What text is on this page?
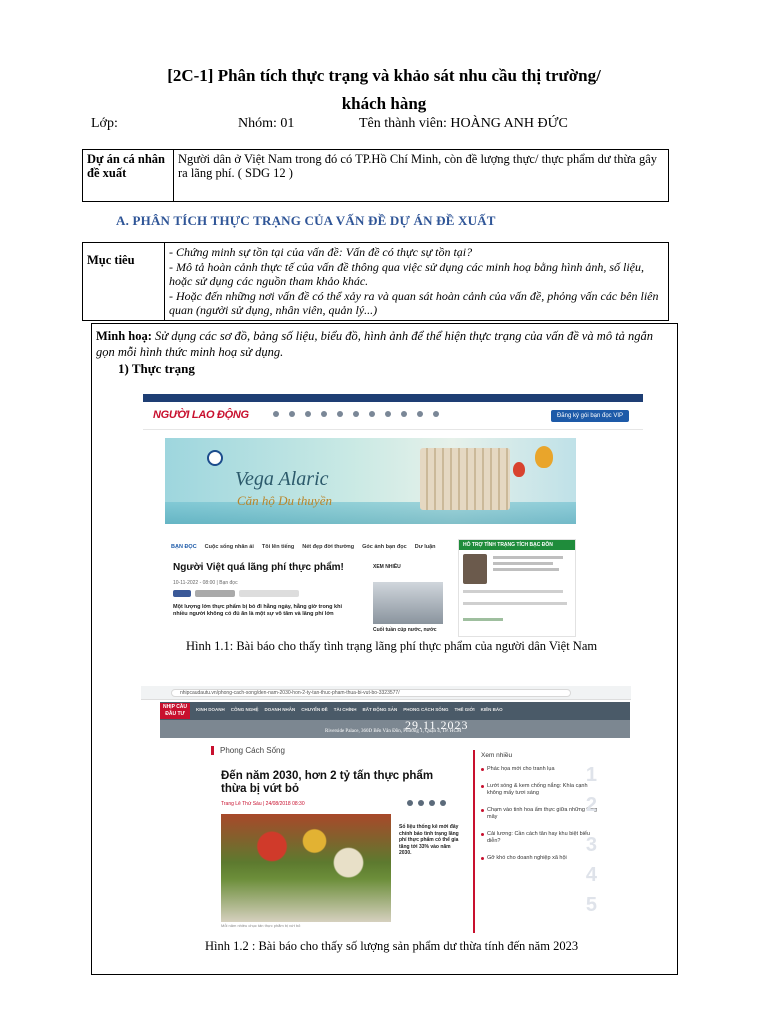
[2C-1] Phân tích thực trạng và khảo sát nhu cầu thị trường/
khách hàng
Lớp:	Nhóm: 01	Tên thành viên: HOÀNG ANH ĐỨC
Dự án cá nhân đề xuất	Người dân ở Việt Nam trong đó có TP.Hồ Chí Minh, còn đề lượng thực/ thực phẩm dư thừa gây ra lãng phí. ( SDG 12 )
A. PHÂN TÍCH THỰC TRẠNG CỦA VẤN ĐỀ DỰ ÁN ĐỀ XUẤT
Mục tiêu	
- Chứng minh sự tồn tại của vấn đề: Vấn đề có thực sự tồn tại?
- Mô tả hoàn cảnh thực tế của vấn đề thông qua việc sử dụng các minh hoạ bằng hình ảnh, số liệu, hoặc sử dụng các nguồn tham khảo khác.
- Hoặc đến những nơi vấn đề có thể xảy ra và quan sát hoàn cảnh của vấn đề, phỏng vấn các bên liên quan (người sử dụng, nhân viên, quản lý...)
Minh hoạ: Sử dụng các sơ đồ, bảng số liệu, biểu đồ, hình ảnh để thể hiện thực trạng của vấn đề và mô tả ngắn gọn mỗi hình thức minh hoạ sử dụng.
1) Thực trạng
NGƯỜI LAO ĐỘNG	Đăng ký gói bạn đọc VIP
Vega Alaric
Căn hộ Du thuyền
BẠN ĐỌC Cuộc sống nhân ái Tôi lên tiếng Nét đẹp đời thường Góc ảnh bạn đọc Dư luận
Người Việt quá lãng phí thực phẩm!
10-11-2022 - 08:00 | Bạn đọc
Một lượng lớn thực phẩm bị bỏ đi hằng ngày, hằng giờ trong khi nhiều người không có đủ ăn là một sự vô tâm và lãng phí lớn
XEM NHIỀU
Cuối tuần cúp nước, nước
HỖ TRỢ TÌNH TRẠNG TÍCH BẠC ĐÔN
Hình 1.1: Bài báo cho thấy tình trạng lãng phí thực phẩm của người dân Việt Nam
nhipcaudautu.vn/phong-cach-song/den-nam-2030-hon-2-ty-tan-thuc-pham-thua-bi-vut-bo-3323577/
NHỊP CẦU ĐẦU TƯ
KINH DOANH CÔNG NGHỆ DOANH NHÂN CHUYỂN ĐỀ TÀI CHÍNH BẤT ĐỘNG SẢN PHONG CÁCH SỐNG THẾ GIỚI KIẾN BÁO
29.11.2023
Riverside Palace, 360D Bến Vân Đồn, Phường 1, Quận 4, TP. HCM
Phong Cách Sống
Đến năm 2030, hơn 2 tỷ tấn thực phẩm thừa bị vứt bỏ
Trang Lê Thứ Sáu | 24/08/2018 08:30
Mỗi năm nhiều chục tấn thực phẩm bị vứt bỏ
Số liệu thống kê mới đây chính bảo tình trạng lãng phí thực phẩm có thể gia tăng tới 33% vào năm 2030.
Xem nhiều
Phác họa mới cho tranh lụa
Lướt sóng & kem chống nắng: Khía cạnh không mấy tươi sáng
Chạm vào tinh hoa ẩm thực giữa những tầng mây
Cải lương: Cần cách tân hay khu biệt biểu diễn?
Gỡ khó cho doanh nghiệp xã hội
1
2
3
4
5
Hình 1.2 : Bài báo cho thấy số lượng sản phẩm dư thừa tính đến năm 2023
